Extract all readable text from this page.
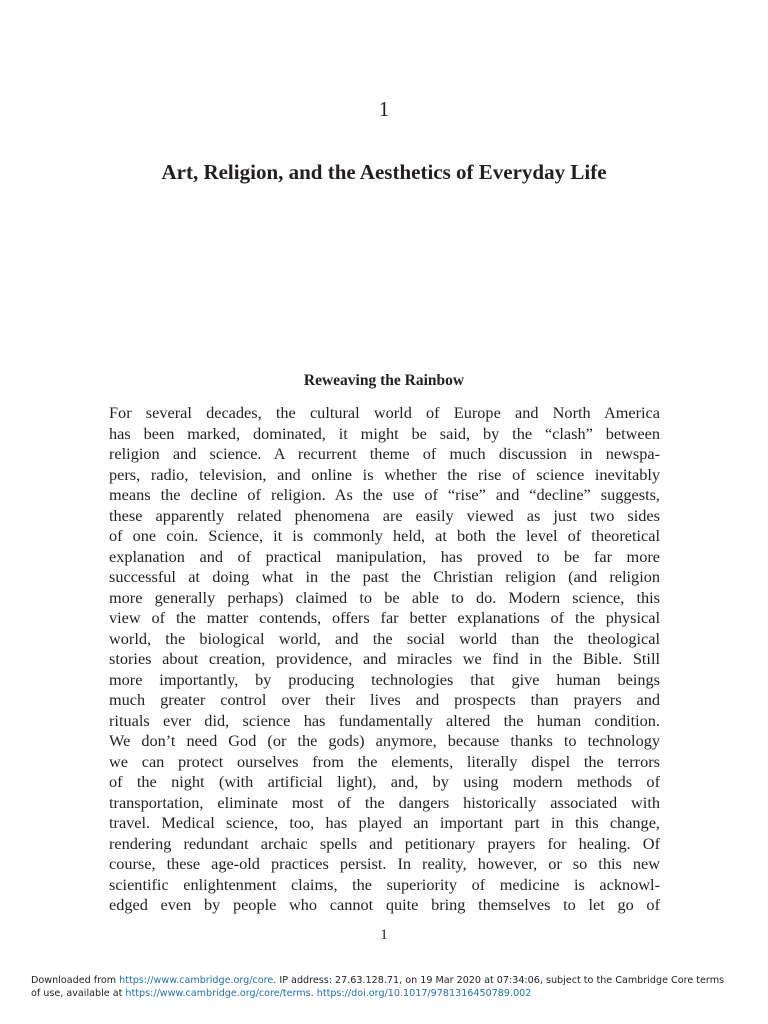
1
Art, Religion, and the Aesthetics of Everyday Life
Reweaving the Rainbow
For several decades, the cultural world of Europe and North America
has been marked, dominated, it might be said, by the “clash” between
religion and science. A recurrent theme of much discussion in newspa-
pers, radio, television, and online is whether the rise of science inevitably
means the decline of religion. As the use of “rise” and “decline” suggests,
these apparently related phenomena are easily viewed as just two sides
of one coin. Science, it is commonly held, at both the level of theoretical
explanation and of practical manipulation, has proved to be far more
successful at doing what in the past the Christian religion (and religion
more generally perhaps) claimed to be able to do. Modern science, this
view of the matter contends, offers far better explanations of the physical
world, the biological world, and the social world than the theological
stories about creation, providence, and miracles we find in the Bible. Still
more importantly, by producing technologies that give human beings
much greater control over their lives and prospects than prayers and
rituals ever did, science has fundamentally altered the human condition.
We don’t need God (or the gods) anymore, because thanks to technology
we can protect ourselves from the elements, literally dispel the terrors
of the night (with artificial light), and, by using modern methods of
transportation, eliminate most of the dangers historically associated with
travel. Medical science, too, has played an important part in this change,
rendering redundant archaic spells and petitionary prayers for healing. Of
course, these age-old practices persist. In reality, however, or so this new
scientific enlightenment claims, the superiority of medicine is acknowl-
edged even by people who cannot quite bring themselves to let go of
1
Downloaded from https://www.cambridge.org/core. IP address: 27.63.128.71, on 19 Mar 2020 at 07:34:06, subject to the Cambridge Core terms
of use, available at https://www.cambridge.org/core/terms. https://doi.org/10.1017/9781316450789.002
